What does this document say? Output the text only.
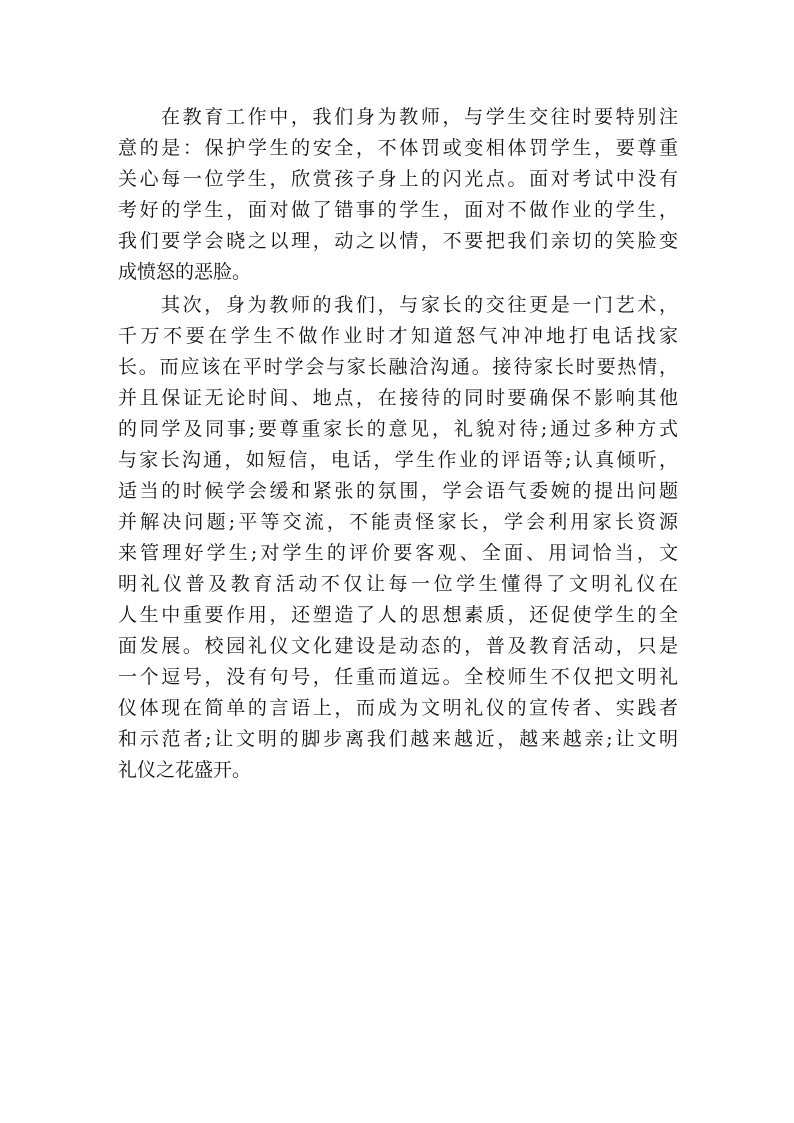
在教育工作中，我们身为教师，与学生交往时要特别注
意的是：保护学生的安全，不体罚或变相体罚学生，要尊重
关心每一位学生，欣赏孩子身上的闪光点。面对考试中没有
考好的学生，面对做了错事的学生，面对不做作业的学生，
我们要学会晓之以理，动之以情，不要把我们亲切的笑脸变
成愤怒的恶脸。
其次，身为教师的我们，与家长的交往更是一门艺术，
千万不要在学生不做作业时才知道怒气冲冲地打电话找家
长。而应该在平时学会与家长融洽沟通。接待家长时要热情，
并且保证无论时间、地点，在接待的同时要确保不影响其他
的同学及同事;要尊重家长的意见，礼貌对待;通过多种方式
与家长沟通，如短信，电话，学生作业的评语等;认真倾听，
适当的时候学会缓和紧张的氛围，学会语气委婉的提出问题
并解决问题;平等交流，不能责怪家长，学会利用家长资源
来管理好学生;对学生的评价要客观、全面、用词恰当，文
明礼仪普及教育活动不仅让每一位学生懂得了文明礼仪在
人生中重要作用，还塑造了人的思想素质，还促使学生的全
面发展。校园礼仪文化建设是动态的，普及教育活动，只是
一个逗号，没有句号，任重而道远。全校师生不仅把文明礼
仪体现在简单的言语上，而成为文明礼仪的宣传者、实践者
和示范者;让文明的脚步离我们越来越近，越来越亲;让文明
礼仪之花盛开。
